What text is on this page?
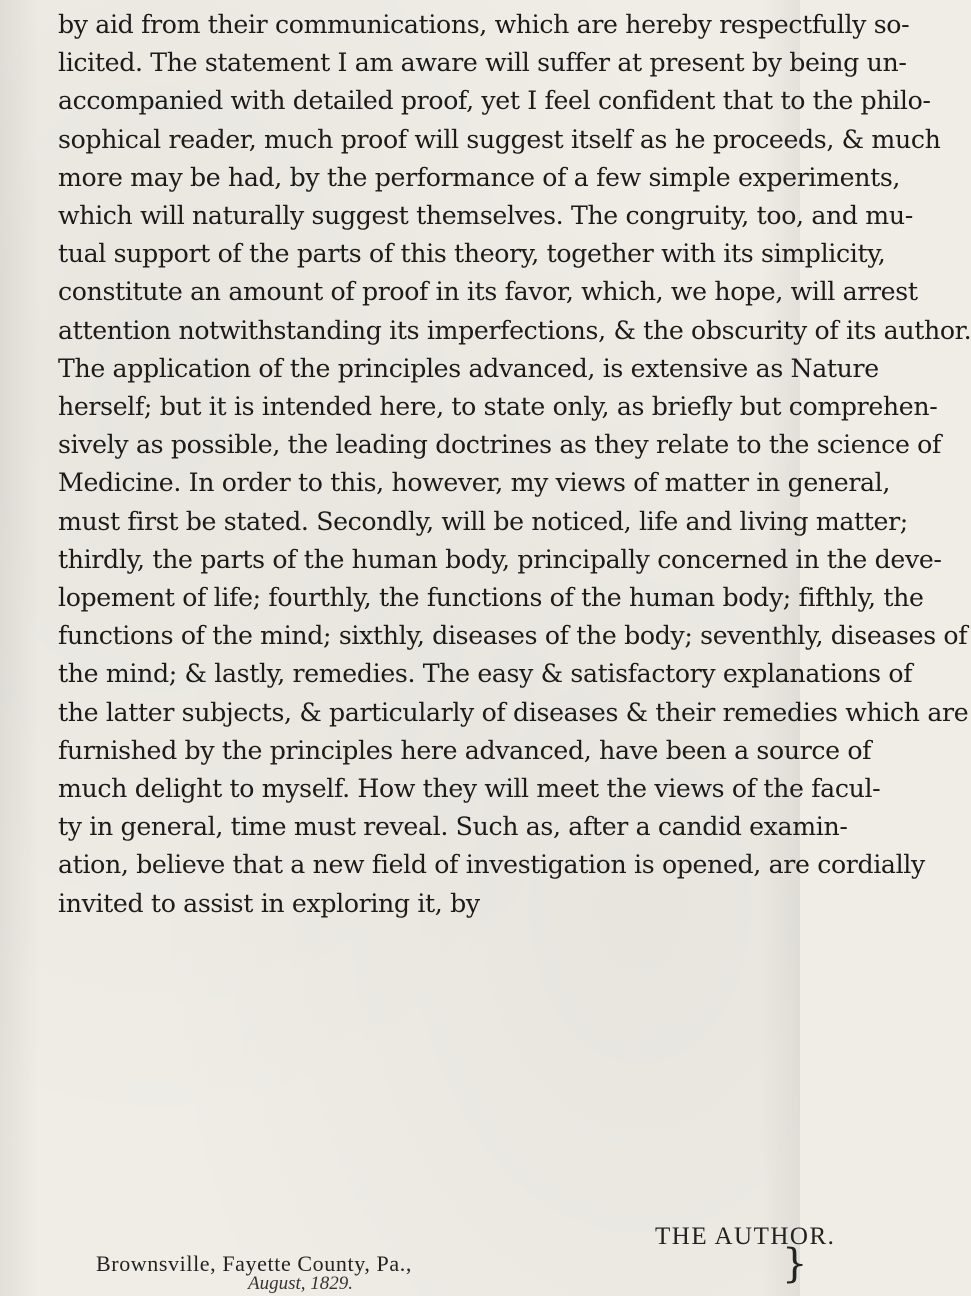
by aid from their communications, which are hereby respectfully so-
licited. The statement I am aware will suffer at present by being un-
accompanied with detailed proof, yet I feel confident that to the philo-
sophical reader, much proof will suggest itself as he proceeds, & much
more may be had, by the performance of a few simple experiments,
which will naturally suggest themselves. The congruity, too, and mu-
tual support of the parts of this theory, together with its simplicity,
constitute an amount of proof in its favor, which, we hope, will arrest
attention notwithstanding its imperfections, & the obscurity of its author.
The application of the principles advanced, is extensive as Nature
herself; but it is intended here, to state only, as briefly but comprehen-
sively as possible, the leading doctrines as they relate to the science of
Medicine. In order to this, however, my views of matter in general,
must first be stated. Secondly, will be noticed, life and living matter;
thirdly, the parts of the human body, principally concerned in the deve-
lopement of life; fourthly, the functions of the human body; fifthly, the
functions of the mind; sixthly, diseases of the body; seventhly, diseases of
the mind; & lastly, remedies. The easy & satisfactory explanations of
the latter subjects, & particularly of diseases & their remedies which are
furnished by the principles here advanced, have been a source of
much delight to myself. How they will meet the views of the facul-
ty in general, time must reveal. Such as, after a candid examin-
ation, believe that a new field of investigation is opened, are cordially
invited to assist in exploring it, by
THE AUTHOR.
Brownsville, Fayette County, Pa.,
August, 1829.	}
